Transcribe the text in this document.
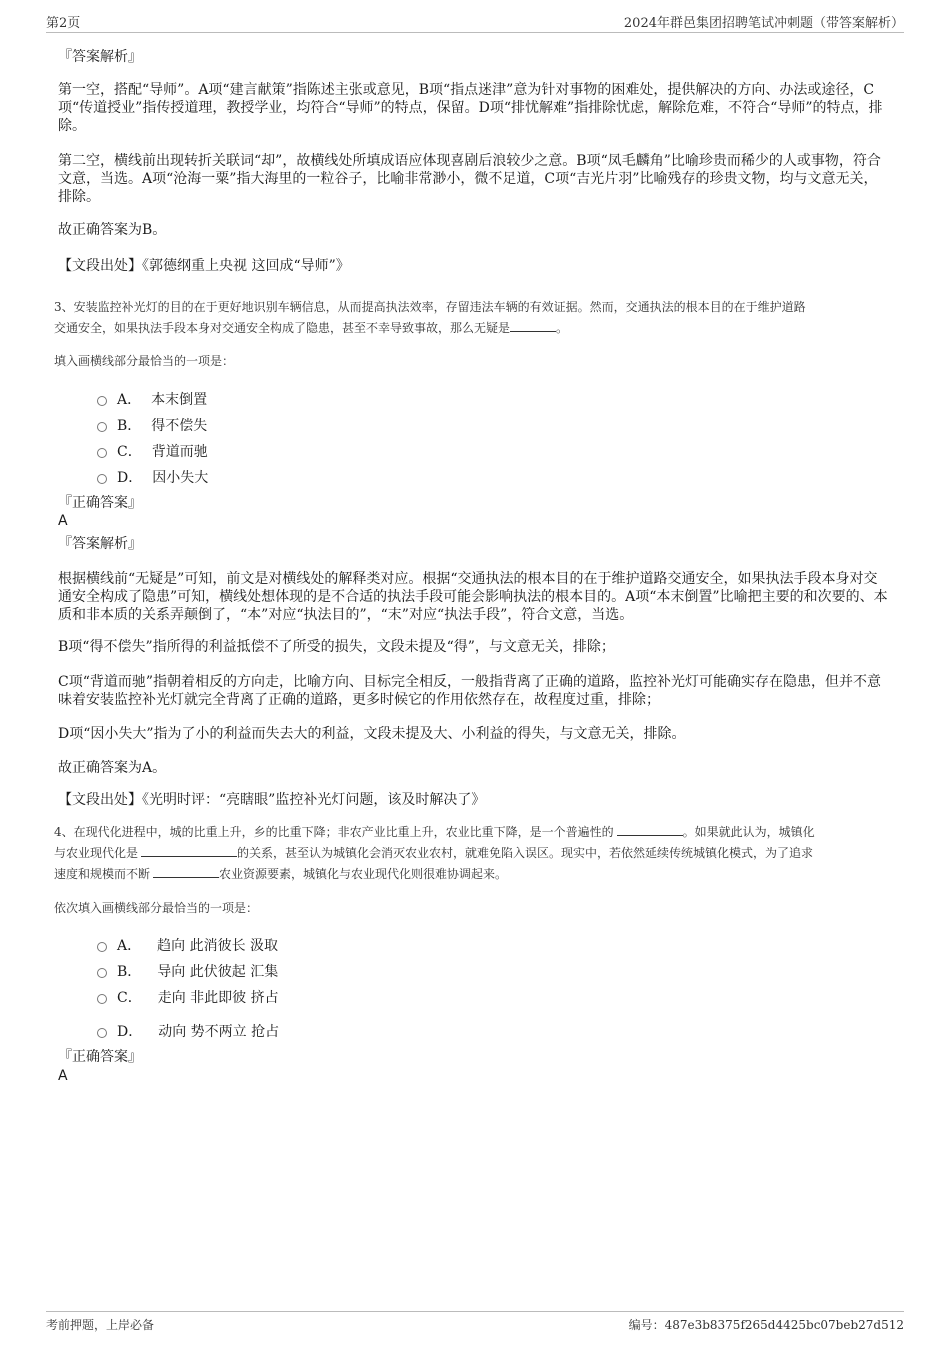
第2页	2024年群邑集团招聘笔试冲刺题（带答案解析）
『答案解析』

第一空，搭配“导师”。A项“建言献策”指陈述主张或意见，B项“指点迷津”意为针对事物的困难处，提供解决的方向、办法或途径，C项“传道授业”指传授道理，教授学业，均符合“导师”的特点，保留。D项“排忧解难”指排除忧虑，解除危难，不符合“导师”的特点，排除。

第二空，横线前出现转折关联词“却”，故横线处所填成语应体现喜剧后浪较少之意。B项“凤毛麟角”比喻珍贵而稀少的人或事物，符合文意，当选。A项“沧海一粟”指大海里的一粒谷子，比喻非常渺小，微不足道，C项“吉光片羽”比喻残存的珍贵文物，均与文意无关，排除。

故正确答案为B。
【文段出处】《郭德纲重上央视 这回成“导师”》
3、安装监控补光灯的目的在于更好地识别车辆信息，从而提高执法效率，存留违法车辆的有效证据。然而，交通执法的根本目的在于维护道路
交通安全，如果执法手段本身对交通安全构成了隐患，甚至不幸导致事故，那么无疑是	。
填入画横线部分最恰当的一项是：
A． 本末倒置
B． 得不偿失
C． 背道而驰
D． 因小失大
『正确答案』
A
『答案解析』

根据横线前“无疑是”可知，前文是对横线处的解释类对应。根据“交通执法的根本目的在于维护道路交通安全，如果执法手段本身对交通安全构成了隐患”可知，横线处想体现的是不合适的执法手段可能会影响执法的根本目的。A项“本末倒置”比喻把主要的和次要的、本质和非本质的关系弄颠倒了，“本”对应“执法目的”，“末”对应“执法手段”，符合文意，当选。

B项“得不偿失”指所得的利益抵偿不了所受的损失，文段未提及“得”，与文意无关，排除；

C项“背道而驰”指朝着相反的方向走，比喻方向、目标完全相反，一般指背离了正确的道路，监控补光灯可能确实存在隐患，但并不意味着安装监控补光灯就完全背离了正确的道路，更多时候它的作用依然存在，故程度过重，排除；

D项“因小失大”指为了小的利益而失去大的利益，文段未提及大、小利益的得失，与文意无关，排除。

故正确答案为A。
【文段出处】《光明时评：“亮瞎眼”监控补光灯问题，该及时解决了》
4、在现代化进程中，城的比重上升，乡的比重下降；非农产业比重上升，农业比重下降，是一个普遍性的	。如果就此认为，城镇化
与农业现代化是	的关系，甚至认为城镇化会消灭农业农村，就难免陷入误区。现实中，若依然延续传统城镇化模式，为了追求
速度和规模而不断	农业资源要素，城镇化与农业现代化则很难协调起来。
依次填入画横线部分最恰当的一项是：
A． 趋向 此消彼长 汲取
B． 导向 此伏彼起 汇集
C． 走向 非此即彼 挤占
D． 动向 势不两立 抢占
『正确答案』
A
考前押题，上岸必备	编号：487e3b8375f265d4425bc07beb27d512
